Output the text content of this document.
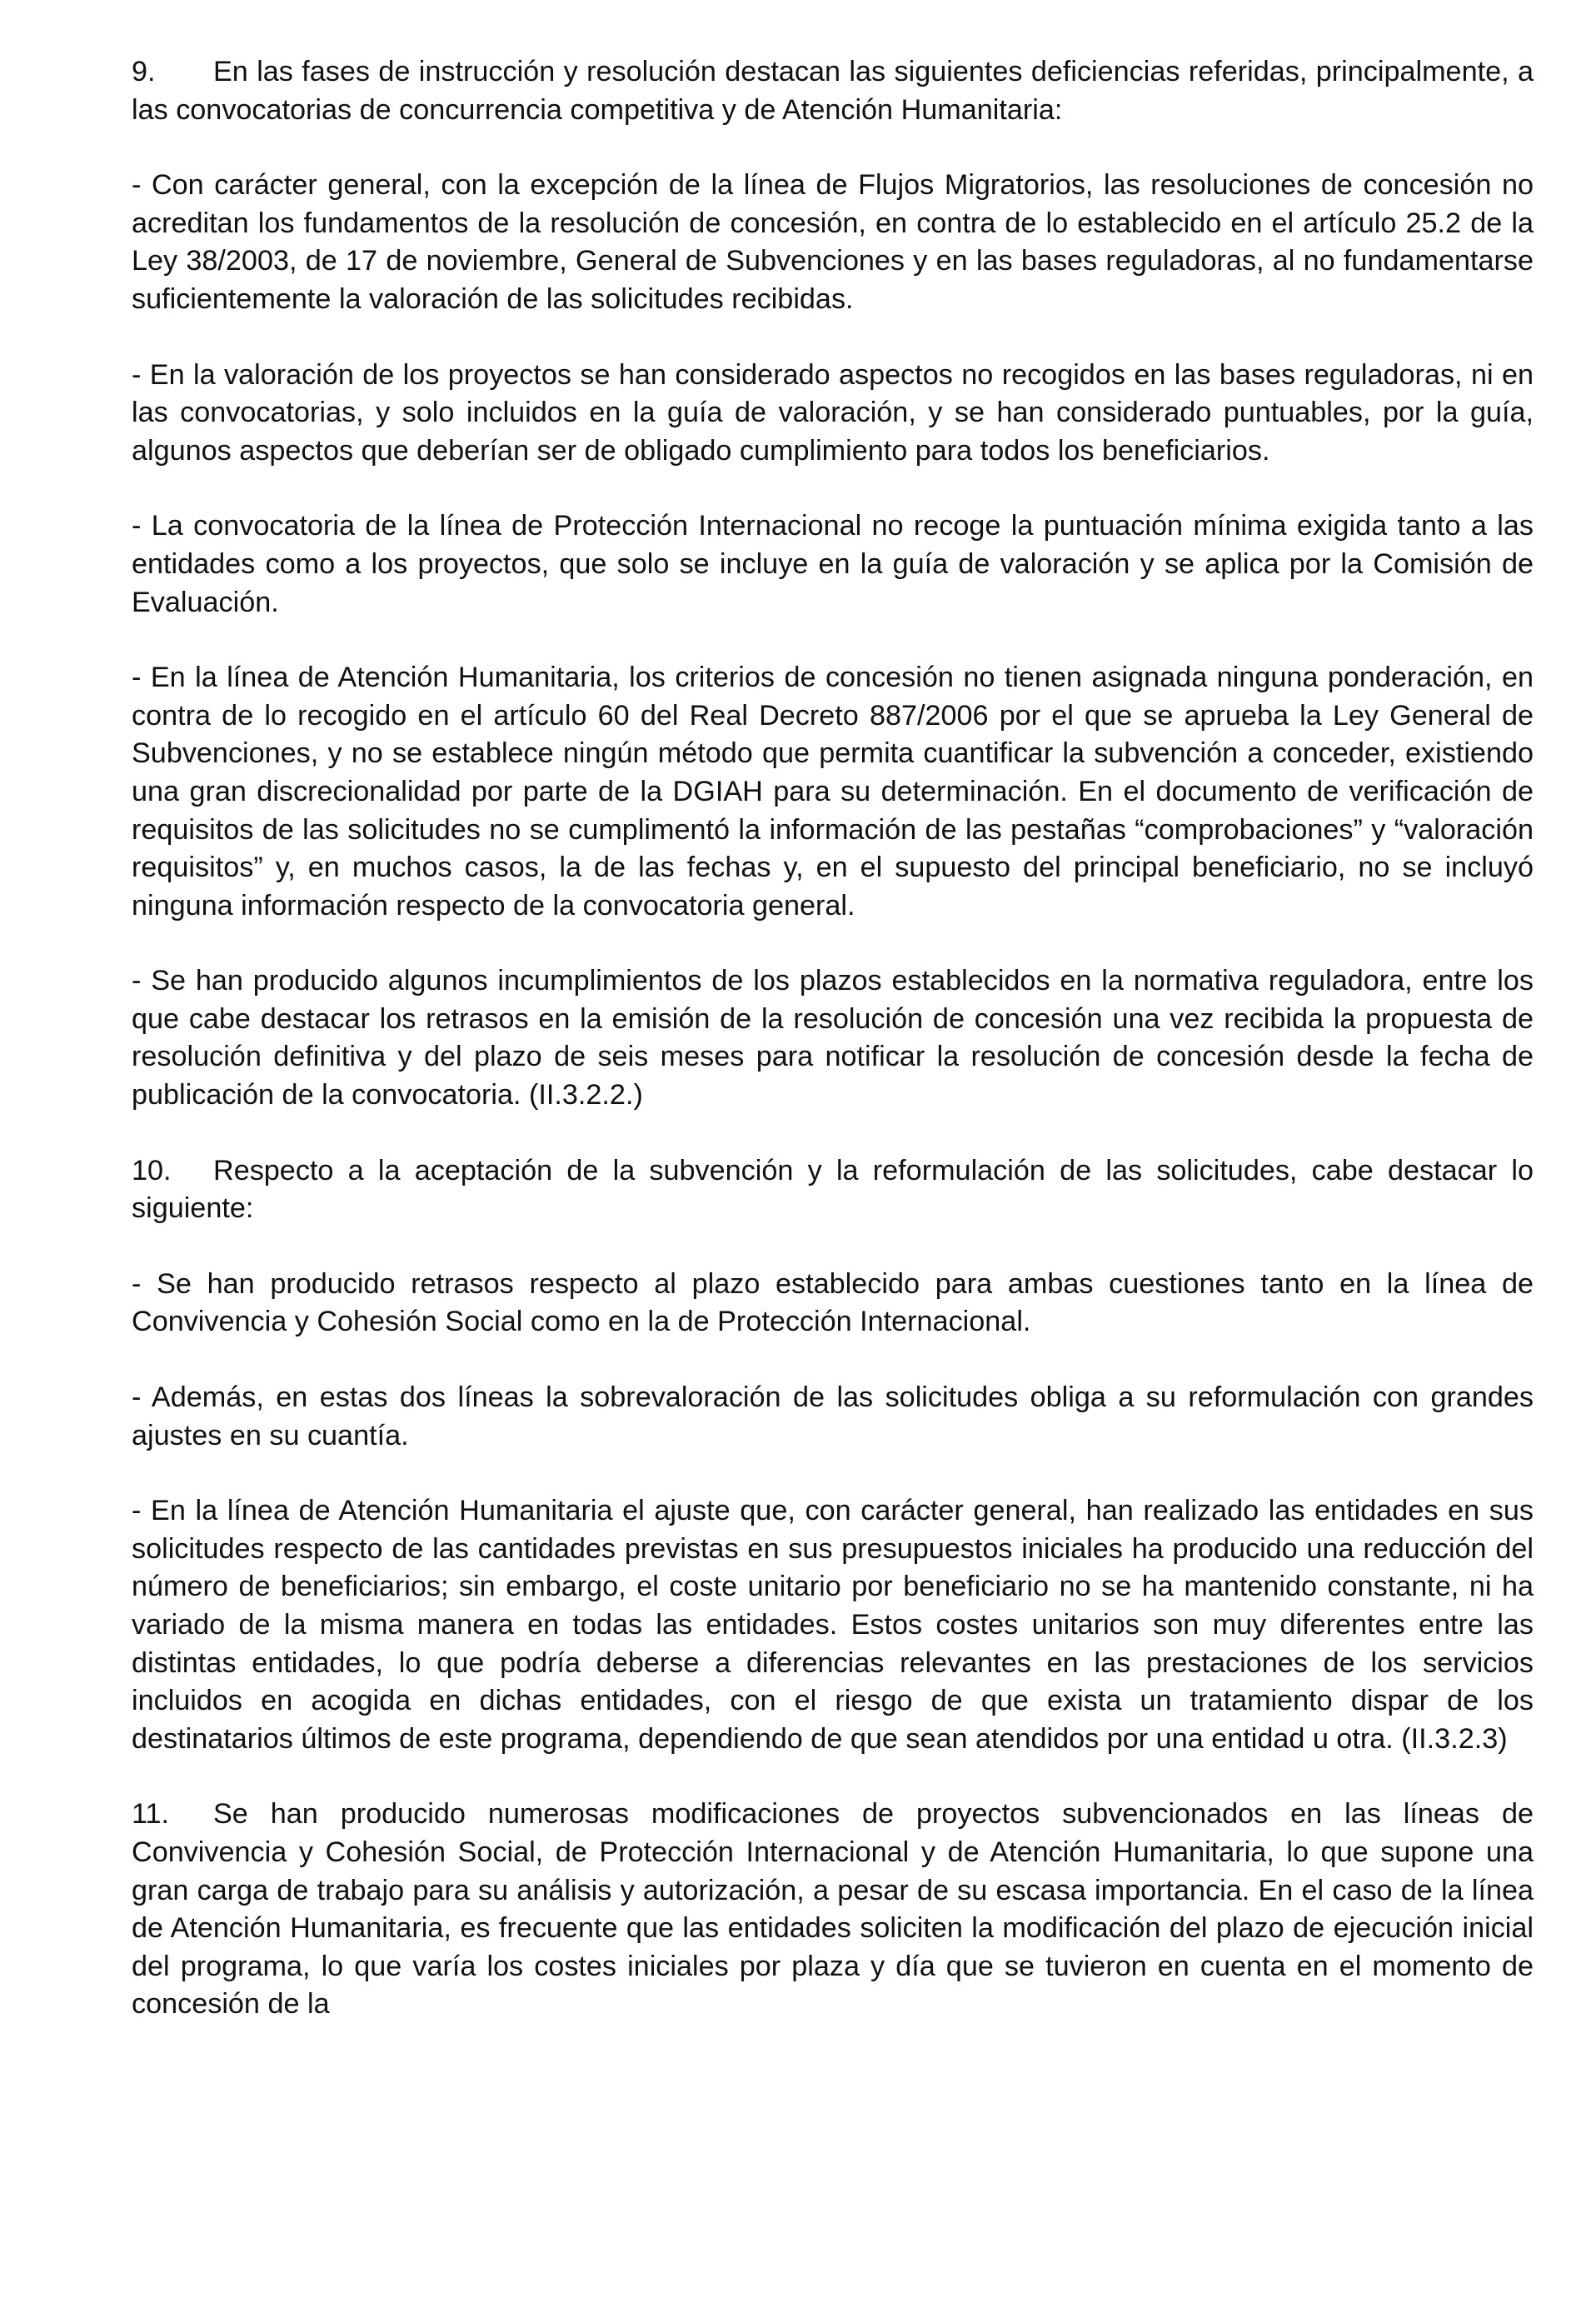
9. En las fases de instrucción y resolución destacan las siguientes deficiencias referidas, principalmente, a las convocatorias de concurrencia competitiva y de Atención Humanitaria:

- Con carácter general, con la excepción de la línea de Flujos Migratorios, las resoluciones de concesión no acreditan los fundamentos de la resolución de concesión, en contra de lo establecido en el artículo 25.2 de la Ley 38/2003, de 17 de noviembre, General de Subvenciones y en las bases reguladoras, al no fundamentarse suficientemente la valoración de las solicitudes recibidas.

- En la valoración de los proyectos se han considerado aspectos no recogidos en las bases reguladoras, ni en las convocatorias, y solo incluidos en la guía de valoración, y se han considerado puntuables, por la guía, algunos aspectos que deberían ser de obligado cumplimiento para todos los beneficiarios.

- La convocatoria de la línea de Protección Internacional no recoge la puntuación mínima exigida tanto a las entidades como a los proyectos, que solo se incluye en la guía de valoración y se aplica por la Comisión de Evaluación.

- En la línea de Atención Humanitaria, los criterios de concesión no tienen asignada ninguna ponderación, en contra de lo recogido en el artículo 60 del Real Decreto 887/2006 por el que se aprueba la Ley General de Subvenciones, y no se establece ningún método que permita cuantificar la subvención a conceder, existiendo una gran discrecionalidad por parte de la DGIAH para su determinación. En el documento de verificación de requisitos de las solicitudes no se cumplimentó la información de las pestañas “comprobaciones” y “valoración requisitos” y, en muchos casos, la de las fechas y, en el supuesto del principal beneficiario, no se incluyó ninguna información respecto de la convocatoria general.

- Se han producido algunos incumplimientos de los plazos establecidos en la normativa reguladora, entre los que cabe destacar los retrasos en la emisión de la resolución de concesión una vez recibida la propuesta de resolución definitiva y del plazo de seis meses para notificar la resolución de concesión desde la fecha de publicación de la convocatoria. (II.3.2.2.)

10. Respecto a la aceptación de la subvención y la reformulación de las solicitudes, cabe destacar lo siguiente:

- Se han producido retrasos respecto al plazo establecido para ambas cuestiones tanto en la línea de Convivencia y Cohesión Social como en la de Protección Internacional.

- Además, en estas dos líneas la sobrevaloración de las solicitudes obliga a su reformulación con grandes ajustes en su cuantía.

- En la línea de Atención Humanitaria el ajuste que, con carácter general, han realizado las entidades en sus solicitudes respecto de las cantidades previstas en sus presupuestos iniciales ha producido una reducción del número de beneficiarios; sin embargo, el coste unitario por beneficiario no se ha mantenido constante, ni ha variado de la misma manera en todas las entidades. Estos costes unitarios son muy diferentes entre las distintas entidades, lo que podría deberse a diferencias relevantes en las prestaciones de los servicios incluidos en acogida en dichas entidades, con el riesgo de que exista un tratamiento dispar de los destinatarios últimos de este programa, dependiendo de que sean atendidos por una entidad u otra. (II.3.2.3)

11. Se han producido numerosas modificaciones de proyectos subvencionados en las líneas de Convivencia y Cohesión Social, de Protección Internacional y de Atención Humanitaria, lo que supone una gran carga de trabajo para su análisis y autorización, a pesar de su escasa importancia. En el caso de la línea de Atención Humanitaria, es frecuente que las entidades soliciten la modificación del plazo de ejecución inicial del programa, lo que varía los costes iniciales por plaza y día que se tuvieron en cuenta en el momento de concesión de la
